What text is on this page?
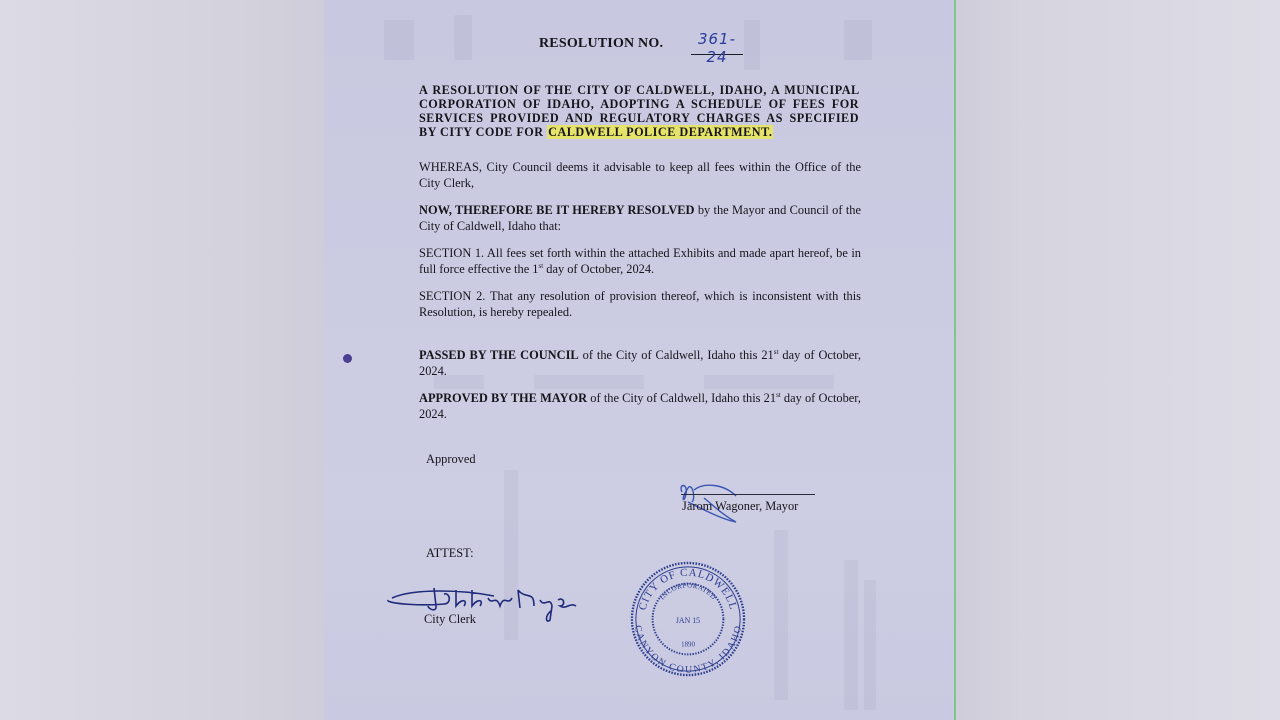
RESOLUTION NO.	361-24
A RESOLUTION OF THE CITY OF CALDWELL, IDAHO, A MUNICIPAL CORPORATION OF IDAHO, ADOPTING A SCHEDULE OF FEES FOR SERVICES PROVIDED AND REGULATORY CHARGES AS SPECIFIED BY CITY CODE FOR CALDWELL POLICE DEPARTMENT.
WHEREAS, City Council deems it advisable to keep all fees within the Office of the City Clerk,
NOW, THEREFORE BE IT HEREBY RESOLVED by the Mayor and Council of the City of Caldwell, Idaho that:
SECTION 1. All fees set forth within the attached Exhibits and made apart hereof, be in full force effective the 1st day of October, 2024.
SECTION 2. That any resolution of provision thereof, which is inconsistent with this Resolution, is hereby repealed.
PASSED BY THE COUNCIL of the City of Caldwell, Idaho this 21st day of October, 2024.
APPROVED BY THE MAYOR of the City of Caldwell, Idaho this 21st day of October, 2024.
Approved
Jarom Wagoner, Mayor
ATTEST:
City Clerk
CITY OF CALDWELL
INCORPORATED
JAN 15
1890
CANYON COUNTY, IDAHO
